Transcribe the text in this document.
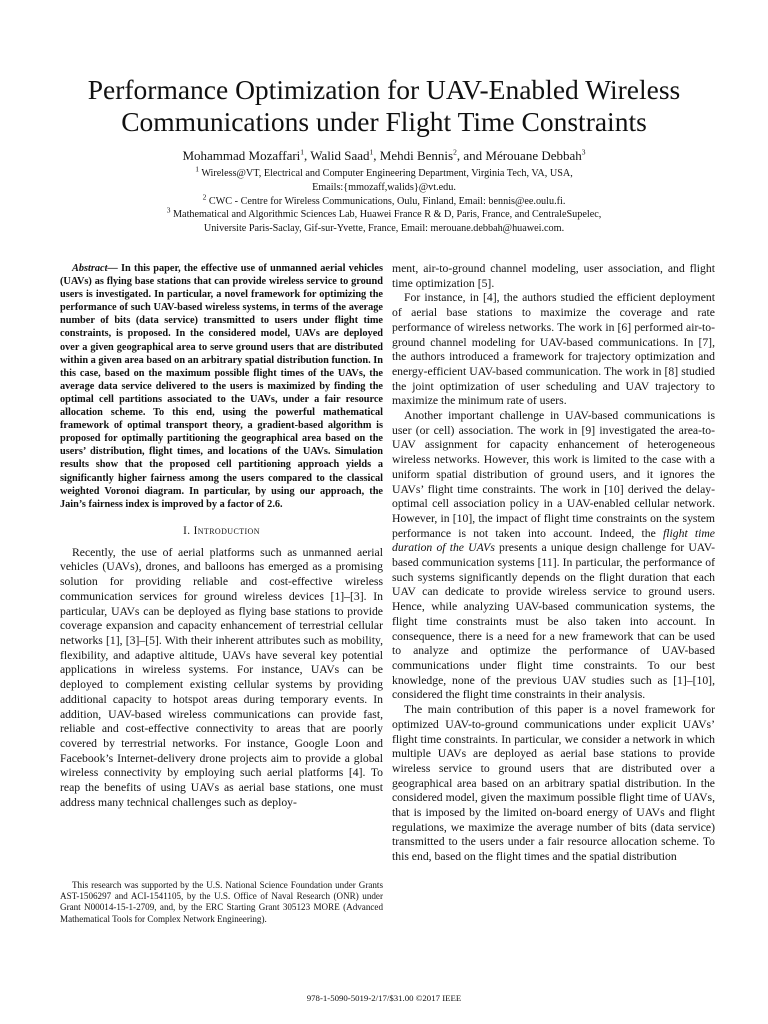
Performance Optimization for UAV-Enabled Wireless
Communications under Flight Time Constraints
Mohammad Mozaffari$^1$, Walid Saad$^1$, Mehdi Bennis$^2$, and Mérouane Debbah$^3$
$^1$ Wireless@VT, Electrical and Computer Engineering Department, Virginia Tech, VA, USA,
Emails:{mmozaff,walids}@vt.edu.
$^2$ CWC - Centre for Wireless Communications, Oulu, Finland, Email: bennis@ee.oulu.fi.
$^3$ Mathematical and Algorithmic Sciences Lab, Huawei France R & D, Paris, France, and CentraleSupelec,
Universite Paris-Saclay, Gif-sur-Yvette, France, Email: merouane.debbah@huawei.com.

Abstract— In this paper, the effective use of unmanned aerial vehicles (UAVs) as flying base stations that can provide wireless service to ground users is investigated. In particular, a novel framework for optimizing the performance of such UAV-based wireless systems, in terms of the average number of bits (data service) transmitted to users under flight time constraints, is proposed. In the considered model, UAVs are deployed over a given geographical area to serve ground users that are distributed within a given area based on an arbitrary spatial distribution function. In this case, based on the maximum possible flight times of the UAVs, the average data service delivered to the users is maximized by finding the optimal cell partitions associated to the UAVs, under a fair resource allocation scheme. To this end, using the powerful mathematical framework of optimal transport theory, a gradient-based algorithm is proposed for optimally partitioning the geographical area based on the users’ distribution, flight times, and locations of the UAVs. Simulation results show that the proposed cell partitioning approach yields a significantly higher fairness among the users compared to the classical weighted Voronoi diagram. In particular, by using our approach, the Jain’s fairness index is improved by a factor of 2.6.

I. Introduction

Recently, the use of aerial platforms such as unmanned aerial vehicles (UAVs), drones, and balloons has emerged as a promising solution for providing reliable and cost-effective wireless communication services for ground wireless devices [1]–[3]. In particular, UAVs can be deployed as flying base stations to provide coverage expansion and capacity enhancement of terrestrial cellular networks [1], [3]–[5]. With their inherent attributes such as mobility, flexibility, and adaptive altitude, UAVs have several key potential applications in wireless systems. For instance, UAVs can be deployed to complement existing cellular systems by providing additional capacity to hotspot areas during temporary events. In addition, UAV-based wireless communications can provide fast, reliable and cost-effective connectivity to areas that are poorly covered by terrestrial networks. For instance, Google Loon and Facebook’s Internet-delivery drone projects aim to provide a global wireless connectivity by employing such aerial platforms [4]. To reap the benefits of using UAVs as aerial base stations, one must address many technical challenges such as deploy-

This research was supported by the U.S. National Science Foundation under Grants AST-1506297 and ACI-1541105, by the U.S. Office of Naval Research (ONR) under Grant N00014-15-1-2709, and, by the ERC Starting Grant 305123 MORE (Advanced Mathematical Tools for Complex Network Engineering).

ment, air-to-ground channel modeling, user association, and flight time optimization [5].

For instance, in [4], the authors studied the efficient deployment of aerial base stations to maximize the coverage and rate performance of wireless networks. The work in [6] performed air-to-ground channel modeling for UAV-based communications. In [7], the authors introduced a framework for trajectory optimization and energy-efficient UAV-based communication. The work in [8] studied the joint optimization of user scheduling and UAV trajectory to maximize the minimum rate of users.

Another important challenge in UAV-based communications is user (or cell) association. The work in [9] investigated the area-to-UAV assignment for capacity enhancement of heterogeneous wireless networks. However, this work is limited to the case with a uniform spatial distribution of ground users, and it ignores the UAVs’ flight time constraints. The work in [10] derived the delay-optimal cell association policy in a UAV-enabled cellular network. However, in [10], the impact of flight time constraints on the system performance is not taken into account. Indeed, the flight time duration of the UAVs presents a unique design challenge for UAV-based communication systems [11]. In particular, the performance of such systems significantly depends on the flight duration that each UAV can dedicate to provide wireless service to ground users. Hence, while analyzing UAV-based communication systems, the flight time constraints must be also taken into account. In consequence, there is a need for a new framework that can be used to analyze and optimize the performance of UAV-based communications under flight time constraints. To our best knowledge, none of the previous UAV studies such as [1]–[10], considered the flight time constraints in their analysis.

The main contribution of this paper is a novel framework for optimized UAV-to-ground communications under explicit UAVs’ flight time constraints. In particular, we consider a network in which multiple UAVs are deployed as aerial base stations to provide wireless service to ground users that are distributed over a geographical area based on an arbitrary spatial distribution. In the considered model, given the maximum possible flight time of UAVs, that is imposed by the limited on-board energy of UAVs and flight regulations, we maximize the average number of bits (data service) transmitted to the users under a fair resource allocation scheme. To this end, based on the flight times and the spatial distribution

978-1-5090-5019-2/17/$31.00 ©2017 IEEE
